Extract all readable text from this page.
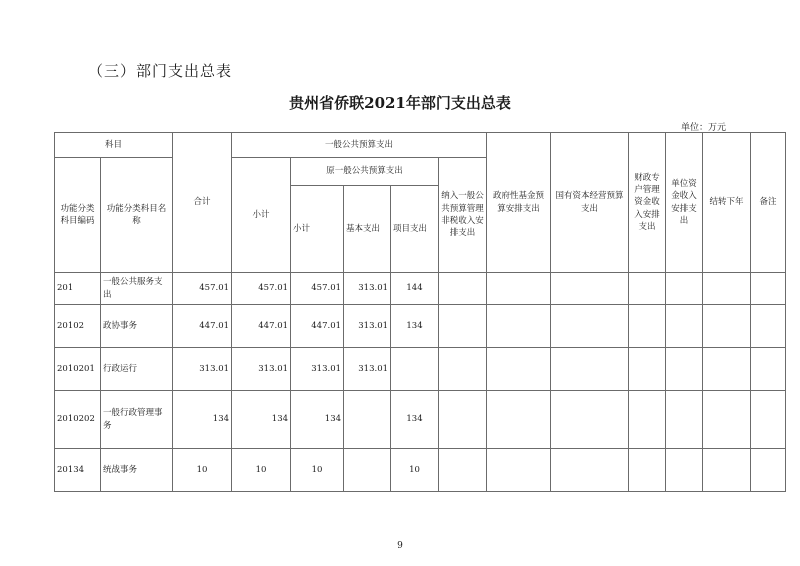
（三）部门支出总表
贵州省侨联2021年部门支出总表
单位：万元
科目		合计	一般公共预算支出					政府性基金预算安排支出	国有资本经营预算支出	财政专户管理资金收入安排支出	单位资金收入安排支出	结转下年	备注
功能分类科目编码	功能分类科目名称		小计	原一般公共预算支出			纳入一般公共预算管理非税收入安排支出						
				小计	基本支出	项目支出							
201	一般公共服务支出	457.01	457.01	457.01	313.01	144							
20102	政协事务	447.01	447.01	447.01	313.01	134							
2010201	行政运行	313.01	313.01	313.01	313.01								
2010202	一般行政管理事务	134	134	134		134							
20134	统战事务	10	10	10		10							
9
